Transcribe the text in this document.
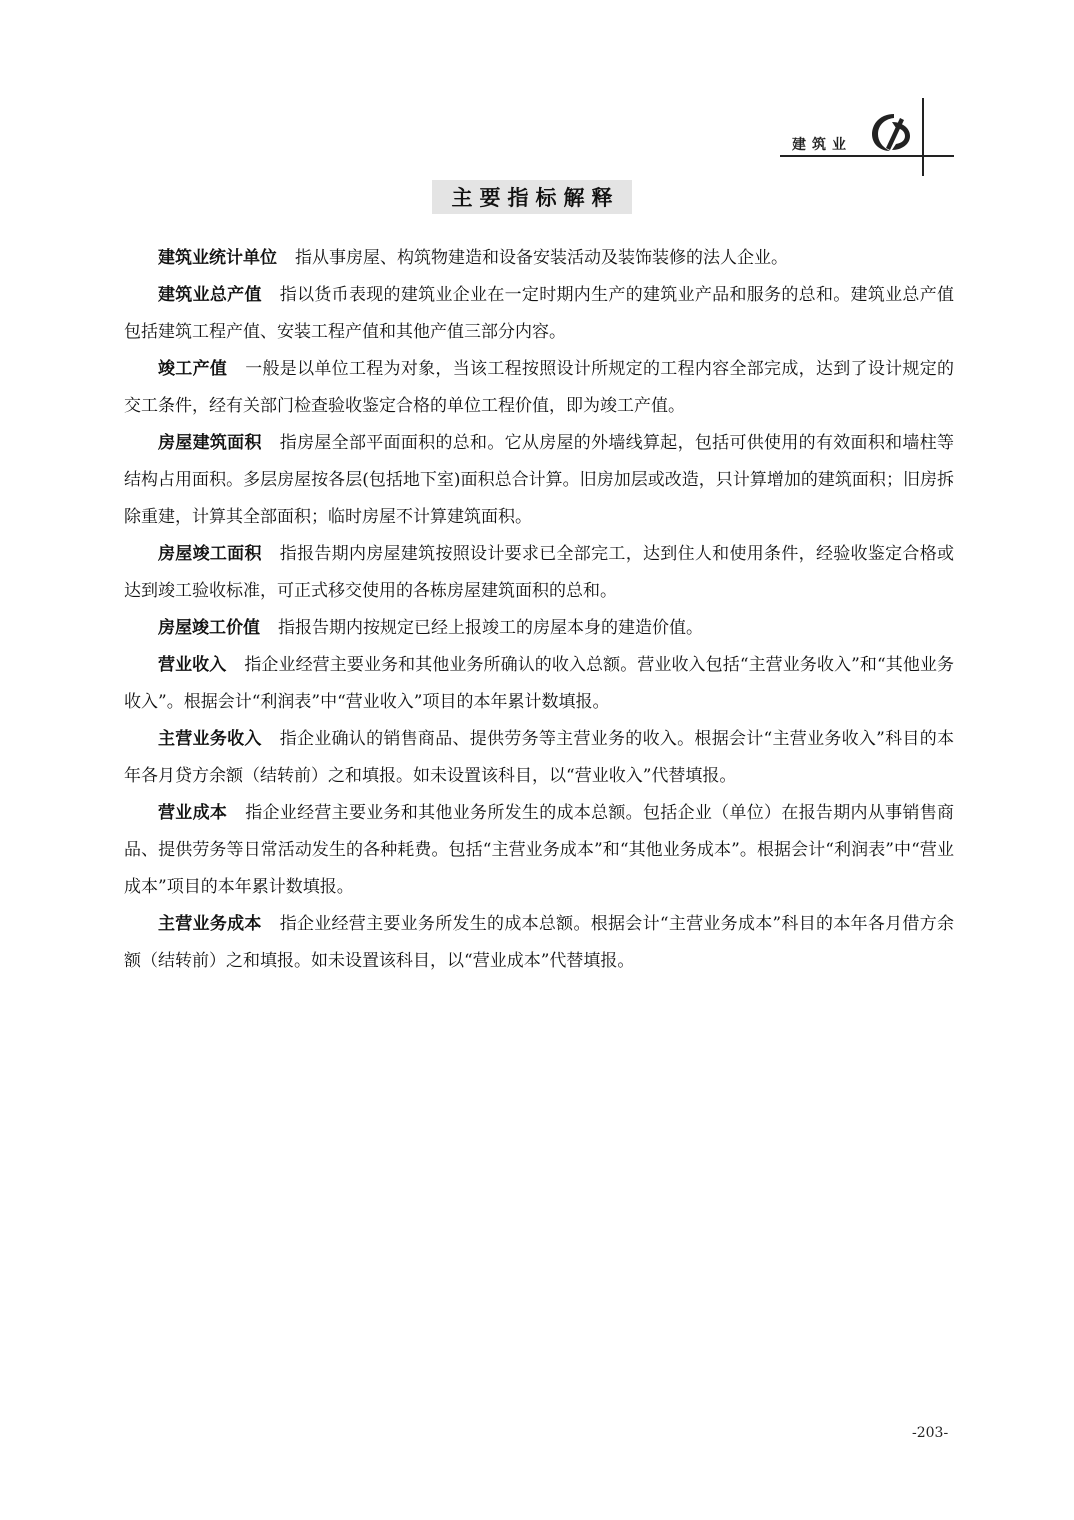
建筑业
主要指标解释

建筑业统计单位 指从事房屋、构筑物建造和设备安装活动及装饰装修的法人企业。

建筑业总产值 指以货币表现的建筑业企业在一定时期内生产的建筑业产品和服务的总和。建筑业总产值包括建筑工程产值、安装工程产值和其他产值三部分内容。

竣工产值 一般是以单位工程为对象，当该工程按照设计所规定的工程内容全部完成，达到了设计规定的交工条件，经有关部门检查验收鉴定合格的单位工程价值，即为竣工产值。

房屋建筑面积 指房屋全部平面面积的总和。它从房屋的外墙线算起，包括可供使用的有效面积和墙柱等结构占用面积。多层房屋按各层(包括地下室)面积总合计算。旧房加层或改造，只计算增加的建筑面积；旧房拆除重建，计算其全部面积；临时房屋不计算建筑面积。

房屋竣工面积 指报告期内房屋建筑按照设计要求已全部完工，达到住人和使用条件，经验收鉴定合格或达到竣工验收标准，可正式移交使用的各栋房屋建筑面积的总和。

房屋竣工价值 指报告期内按规定已经上报竣工的房屋本身的建造价值。

营业收入 指企业经营主要业务和其他业务所确认的收入总额。营业收入包括“主营业务收入”和“其他业务收入”。根据会计“利润表”中“营业收入”项目的本年累计数填报。

主营业务收入 指企业确认的销售商品、提供劳务等主营业务的收入。根据会计“主营业务收入”科目的本年各月贷方余额（结转前）之和填报。如未设置该科目，以“营业收入”代替填报。

营业成本 指企业经营主要业务和其他业务所发生的成本总额。包括企业（单位）在报告期内从事销售商品、提供劳务等日常活动发生的各种耗费。包括“主营业务成本”和“其他业务成本”。根据会计“利润表”中“营业成本”项目的本年累计数填报。

主营业务成本 指企业经营主要业务所发生的成本总额。根据会计“主营业务成本”科目的本年各月借方余额（结转前）之和填报。如未设置该科目，以“营业成本”代替填报。

-203-
